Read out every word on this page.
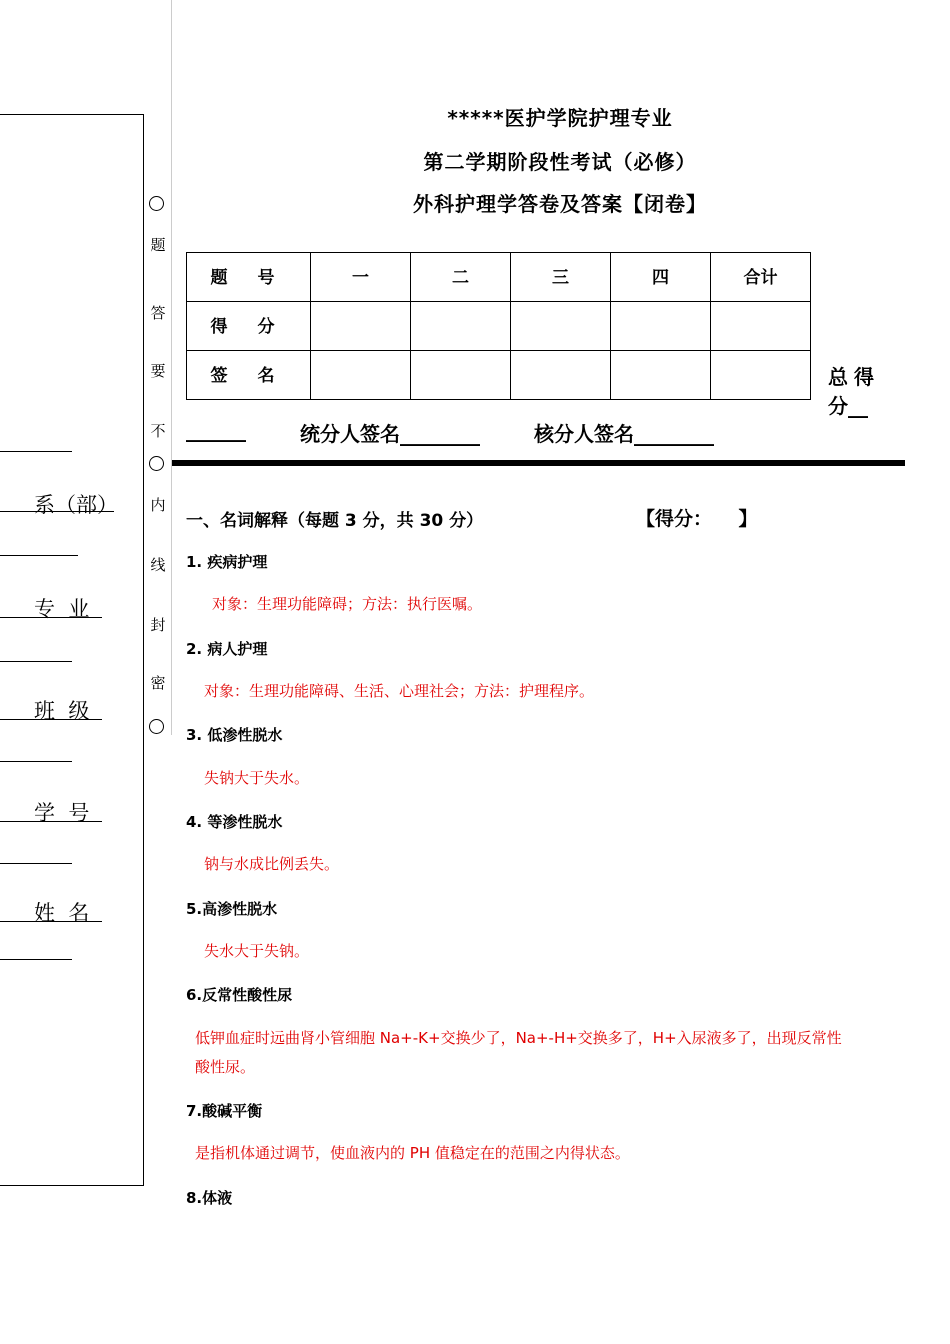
系（部）
专  业
班  级
学  号
姓  名
题
答
要
不
内
线
封
密
*****医护学院护理专业
第二学期阶段性考试（必修）
外科护理学答卷及答案【闭卷】
题 号	一	二	三	四	合计
得 分					
签 名						总得
分__
______	统分人签名________	核分人签名________
一、名词解释（每题 3 分，共 30 分）	【得分：    】
1. 疾病护理
对象：生理功能障碍；方法：执行医嘱。
2. 病人护理
对象：生理功能障碍、生活、心理社会；方法：护理程序。
3. 低渗性脱水
失钠大于失水。
4. 等渗性脱水
钠与水成比例丢失。
5.高渗性脱水
失水大于失钠。
6.反常性酸性尿
低钾血症时远曲肾小管细胞 Na+-K+交换少了，Na+-H+交换多了，H+入尿液多了，出现反常性
酸性尿。
7.酸碱平衡
是指机体通过调节，使血液内的 PH 值稳定在的范围之内得状态。
8.体液
